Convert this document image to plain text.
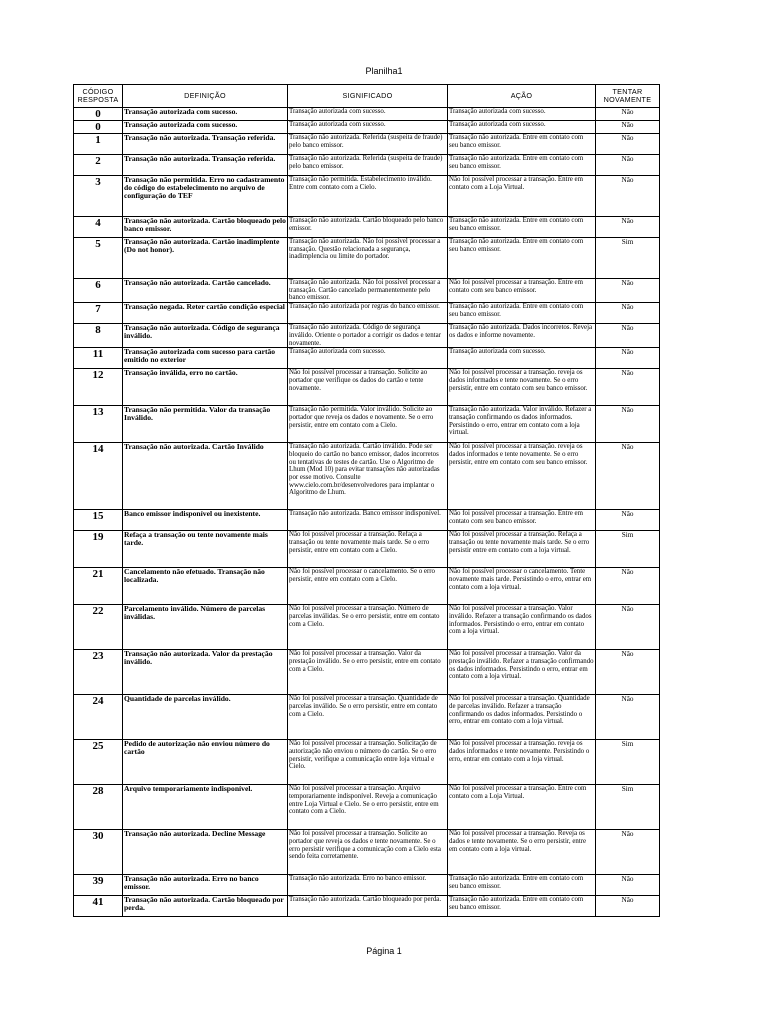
Planilha1
CÓDIGO RESPOSTA	DEFINIÇÃO	SIGNIFICADO	AÇÃO	TENTAR NOVAMENTE
0	Transação autorizada com sucesso.	Transação autorizada com sucesso.	Transação autorizada com sucesso.	Não
0	Transação autorizada com sucesso.	Transação autorizada com sucesso.	Transação autorizada com sucesso.	Não
1	Transação não autorizada. Transação referida.	Transação não autorizada. Referida (suspeita de fraude) pelo banco emissor.	Transação não autorizada. Entre em contato com seu banco emissor.	Não
2	Transação não autorizada. Transação referida.	Transação não autorizada. Referida (suspeita de fraude) pelo banco emissor.	Transação não autorizada. Entre em contato com seu banco emissor.	Não
3	Transação não permitida. Erro no cadastramento do código do estabelecimento no arquivo de configuração do TEF	Transação não permitida. Estabelecimento inválido. Entre com contato com a Cielo.	Não foi possível processar a transação. Entre em contato com a Loja Virtual.	Não
4	Transação não autorizada. Cartão bloqueado pelo banco emissor.	Transação não autorizada. Cartão bloqueado pelo banco emissor.	Transação não autorizada. Entre em contato com seu banco emissor.	Não
5	Transação não autorizada. Cartão inadimplente (Do not honor).	Transação não autorizada. Não foi possível processar a transação. Questão relacionada a segurança, inadimplencia ou limite do portador.	Transação não autorizada. Entre em contato com seu banco emissor.	Sim
6	Transação não autorizada. Cartão cancelado.	Transação não autorizada. Não foi possível processar a transação. Cartão cancelado permanentemente pelo banco emissor.	Não foi possível processar a transação. Entre em contato com seu banco emissor.	Não
7	Transação negada. Reter cartão condição especial	Transação não autorizada por regras do banco emissor.	Transação não autorizada. Entre em contato com seu banco emissor.	Não
8	Transação não autorizada. Código de segurança inválido.	Transação não autorizada. Código de segurança inválido. Oriente o portador a corrigir os dados e tentar novamente.	Transação não autorizada. Dados incorretos. Reveja os dados e informe novamente.	Não
11	Transação autorizada com sucesso para cartão emitido no exterior	Transação autorizada com sucesso.	Transação autorizada com sucesso.	Não
12	Transação inválida, erro no cartão.	Não foi possível processar a transação. Solicite ao portador que verifique os dados do cartão e tente novamente.	Não foi possível processar a transação. reveja os dados informados e tente novamente. Se o erro persistir, entre em contato com seu banco emissor.	Não
13	Transação não permitida. Valor da transação Inválido.	Transação não permitida. Valor inválido. Solicite ao portador que reveja os dados e novamente. Se o erro persistir, entre em contato com a Cielo.	Transação não autorizada. Valor inválido. Refazer a transação confirmando os dados informados. Persistindo o erro, entrar em contato com a loja virtual.	Não
14	Transação não autorizada. Cartão Inválido	Transação não autorizada. Cartão inválido. Pode ser bloqueio do cartão no banco emissor, dados incorretos ou tentativas de testes de cartão. Use o Algoritmo de Lhum (Mod 10) para evitar transações não autorizadas por esse motivo. Consulte www.cielo.com.br/desenvolvedores para implantar o Algoritmo de Lhum.	Não foi possível processar a transação. reveja os dados informados e tente novamente. Se o erro persistir, entre em contato com seu banco emissor.	Não
15	Banco emissor indisponível ou inexistente.	Transação não autorizada. Banco emissor indisponível.	Não foi possível processar a transação. Entre em contato com seu banco emissor.	Não
19	Refaça a transação ou tente novamente mais tarde.	Não foi possível processar a transação. Refaça a transação ou tente novamente mais tarde. Se o erro persistir, entre em contato com a Cielo.	Não foi possível processar a transação. Refaça a transação ou tente novamente mais tarde. Se o erro persistir entre em contato com a loja virtual.	Sim
21	Cancelamento não efetuado. Transação não localizada.	Não foi possível processar o cancelamento. Se o erro persistir, entre em contato com a Cielo.	Não foi possível processar o cancelamento. Tente novamente mais tarde. Persistindo o erro, entrar em contato com a loja virtual.	Não
22	Parcelamento inválido. Número de parcelas inválidas.	Não foi possível processar a transação. Número de parcelas inválidas. Se o erro persistir, entre em contato com a Cielo.	Não foi possível processar a transação. Valor inválido. Refazer a transação confirmando os dados informados. Persistindo o erro, entrar em contato com a loja virtual.	Não
23	Transação não autorizada. Valor da prestação inválido.	Não foi possível processar a transação. Valor da prestação inválido. Se o erro persistir, entre em contato com a Cielo.	Não foi possível processar a transação. Valor da prestação inválido. Refazer a transação confirmando os dados informados. Persistindo o erro, entrar em contato com a loja virtual.	Não
24	Quantidade de parcelas inválido.	Não foi possível processar a transação. Quantidade de parcelas inválido. Se o erro persistir, entre em contato com a Cielo.	Não foi possível processar a transação. Quantidade de parcelas inválido. Refazer a transação confirmando os dados informados. Persistindo o erro, entrar em contato com a loja virtual.	Não
25	Pedido de autorização não enviou número do cartão	Não foi possível processar a transação. Solicitação de autorização não enviou o número do cartão. Se o erro persistir, verifique a comunicação entre loja virtual e Cielo.	Não foi possível processar a transação. reveja os dados informados e tente novamente. Persistindo o erro, entrar em contato com a loja virtual.	Sim
28	Arquivo temporariamente indisponível.	Não foi possível processar a transação. Arquivo temporariamente indisponível. Reveja a comunicação entre Loja Virtual e Cielo. Se o erro persistir, entre em contato com a Cielo.	Não foi possível processar a transação. Entre com contato com a Loja Virtual.	Sim
30	Transação não autorizada. Decline Message	Não foi possível processar a transação. Solicite ao portador que reveja os dados e tente novamente. Se o erro persistir verifique a comunicação com a Cielo esta sendo feita corretamente.	Não foi possível processar a transação. Reveja os dados e tente novamente. Se o erro persistir, entre em contato com a loja virtual.	Não
39	Transação não autorizada. Erro no banco emissor.	Transação não autorizada. Erro no banco emissor.	Transação não autorizada. Entre em contato com seu banco emissor.	Não
41	Transação não autorizada. Cartão bloqueado por perda.	Transação não autorizada. Cartão bloqueado por perda.	Transação não autorizada. Entre em contato com seu banco emissor.	Não
Página 1
